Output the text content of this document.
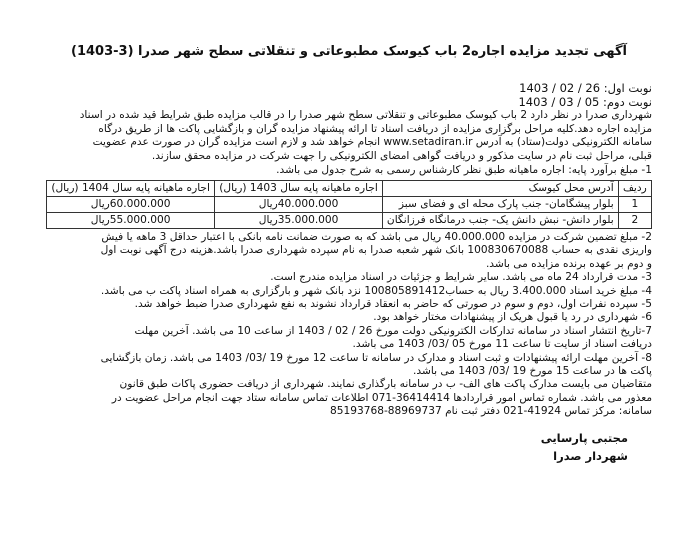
آگهی تجدید مزایده اجاره2 باب کیوسک مطبوعاتی و تنقلاتی سطح شهر صدرا (3-1403)
نوبت اول: 26 / 02 / 1403
نوبت دوم: 05 / 03 / 1403

شهرداری صدرا در نظر دارد 2 باب کیوسک مطبوعاتی و تنقلاتی سطح شهر صدرا را در قالب مزایده طبق شرایط قید شده در اسناد

مزایده اجاره دهد.کلیه مراحل برگزاری مزایده از دریافت اسناد تا ارائه پیشنهاد مزایده گران و بازگشایی پاکت ها از طریق درگاه

سامانه الکترونیکی دولت(ستاد) به آدرس www.setadiran.ir انجام خواهد شد و لازم است مزایده گران در صورت عدم عضویت

قبلی، مراحل ثبت نام در سایت مذکور و دریافت گواهی امضای الکترونیکی را جهت شرکت در مزایده محقق سازند.

1- مبلغ برآورد پایه: اجاره ماهیانه طبق نظر کارشناس رسمی به شرح جدول می باشد.
ردیف	آدرس محل کیوسک	اجاره ماهیانه پایه سال 1403 (ریال)	اجاره ماهیانه پایه سال 1404 (ریال)
1	بلوار پیشگامان- جنب پارک محله ای و فضای سبز	40.000.000ریال	60.000.000ریال
2	بلوار دانش- نبش دانش یک- جنب درمانگاه فرزانگان	35.000.000ریال	55.000.000ریال

2- مبلغ تضمین شرکت در مزایده 40.000.000 ریال می باشد که به صورت ضمانت نامه بانکی با اعتبار حداقل 3 ماهه یا فیش

واریزی نقدی به حساب 100830670088 بانک شهر شعبه صدرا به نام سپرده شهرداری صدرا باشد.هزینه درج آگهی نوبت اول

و دوم بر عهده برنده مزایده می باشد.

3- مدت قرارداد 24 ماه می باشد. سایر شرایط و جزئیات در اسناد مزایده مندرج است.

4- مبلغ خرید اسناد 3.400.000 ریال به حساب100805891412 نزد بانک شهر و بارگزاری به همراه اسناد پاکت ب می باشد.

5- سپرده نفرات اول، دوم و سوم در صورتی که حاضر به انعقاد قرارداد نشوند به نفع شهرداری صدرا ضبط خواهد شد.

6- شهرداری در رد یا قبول هریک از پیشنهادات مختار خواهد بود.

7-تاریخ انتشار اسناد در سامانه تدارکات الکترونیکی دولت مورخ 26 / 02 / 1403 از ساعت 10 می باشد. آخرین مهلت

دریافت اسناد از سایت تا ساعت 11 مورخ 05 /03/ 1403 می باشد.

8- آخرین مهلت ارائه پیشنهادات و ثبت اسناد و مدارک در سامانه تا ساعت 12 مورخ 19 /03/ 1403 می باشد. زمان بازگشایی

پاکت ها در ساعت 15 مورخ 19 /03/ 1403 می باشد.

متقاضیان می بایست مدارک پاکت های الف- ب در سامانه بارگذاری نمایند. شهرداری از دریافت حضوری پاکات طبق قانون

معذور می باشد. شماره تماس امور قراردادها 36414414-071 اطلاعات تماس سامانه ستاد جهت انجام مراحل عضویت در

سامانه: مرکز تماس 41924-021 دفتر ثبت نام 88969737-85193768

مجتبی پارسایی
شهردار صدرا
